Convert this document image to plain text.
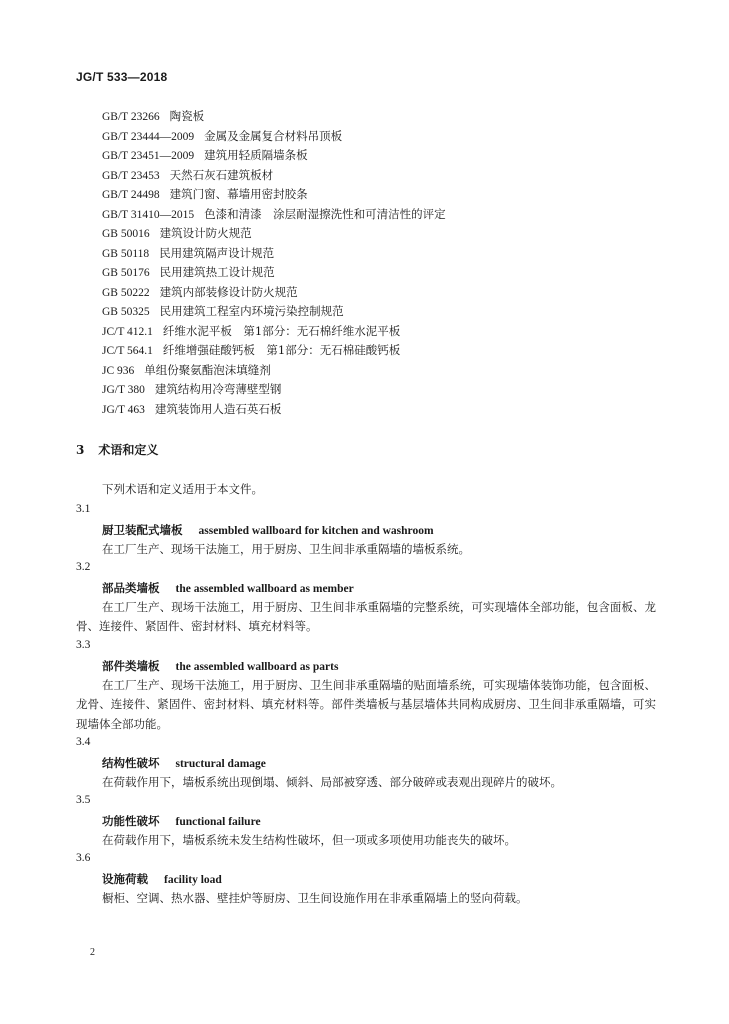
JG/T 533—2018
GB/T 23266 陶瓷板
GB/T 23444—2009 金属及金属复合材料吊顶板
GB/T 23451—2009 建筑用轻质隔墙条板
GB/T 23453 天然石灰石建筑板材
GB/T 24498 建筑门窗、幕墙用密封胶条
GB/T 31410—2015 色漆和清漆　涂层耐湿擦洗性和可清洁性的评定
GB 50016 建筑设计防火规范
GB 50118 民用建筑隔声设计规范
GB 50176 民用建筑热工设计规范
GB 50222 建筑内部装修设计防火规范
GB 50325 民用建筑工程室内环境污染控制规范
JC/T 412.1 纤维水泥平板　第1部分：无石棉纤维水泥平板
JC/T 564.1 纤维增强硅酸钙板　第1部分：无石棉硅酸钙板
JC 936 单组份聚氨酯泡沫填缝剂
JG/T 380 建筑结构用冷弯薄壁型钢
JG/T 463 建筑装饰用人造石英石板
3 术语和定义
下列术语和定义适用于本文件。
3.1
厨卫装配式墙板 assembled wallboard for kitchen and washroom
在工厂生产、现场干法施工，用于厨房、卫生间非承重隔墙的墙板系统。
3.2
部品类墙板 the assembled wallboard as member
在工厂生产、现场干法施工，用于厨房、卫生间非承重隔墙的完整系统，可实现墙体全部功能，包含面板、龙骨、连接件、紧固件、密封材料、填充材料等。
3.3
部件类墙板 the assembled wallboard as parts
在工厂生产、现场干法施工，用于厨房、卫生间非承重隔墙的贴面墙系统，可实现墙体装饰功能，包含面板、龙骨、连接件、紧固件、密封材料、填充材料等。部件类墙板与基层墙体共同构成厨房、卫生间非承重隔墙，可实现墙体全部功能。
3.4
结构性破坏 structural damage
在荷载作用下，墙板系统出现倒塌、倾斜、局部被穿透、部分破碎或表观出现碎片的破坏。
3.5
功能性破坏 functional failure
在荷载作用下，墙板系统未发生结构性破坏，但一项或多项使用功能丧失的破坏。
3.6
设施荷载 facility load
橱柜、空调、热水器、壁挂炉等厨房、卫生间设施作用在非承重隔墙上的竖向荷载。
2
